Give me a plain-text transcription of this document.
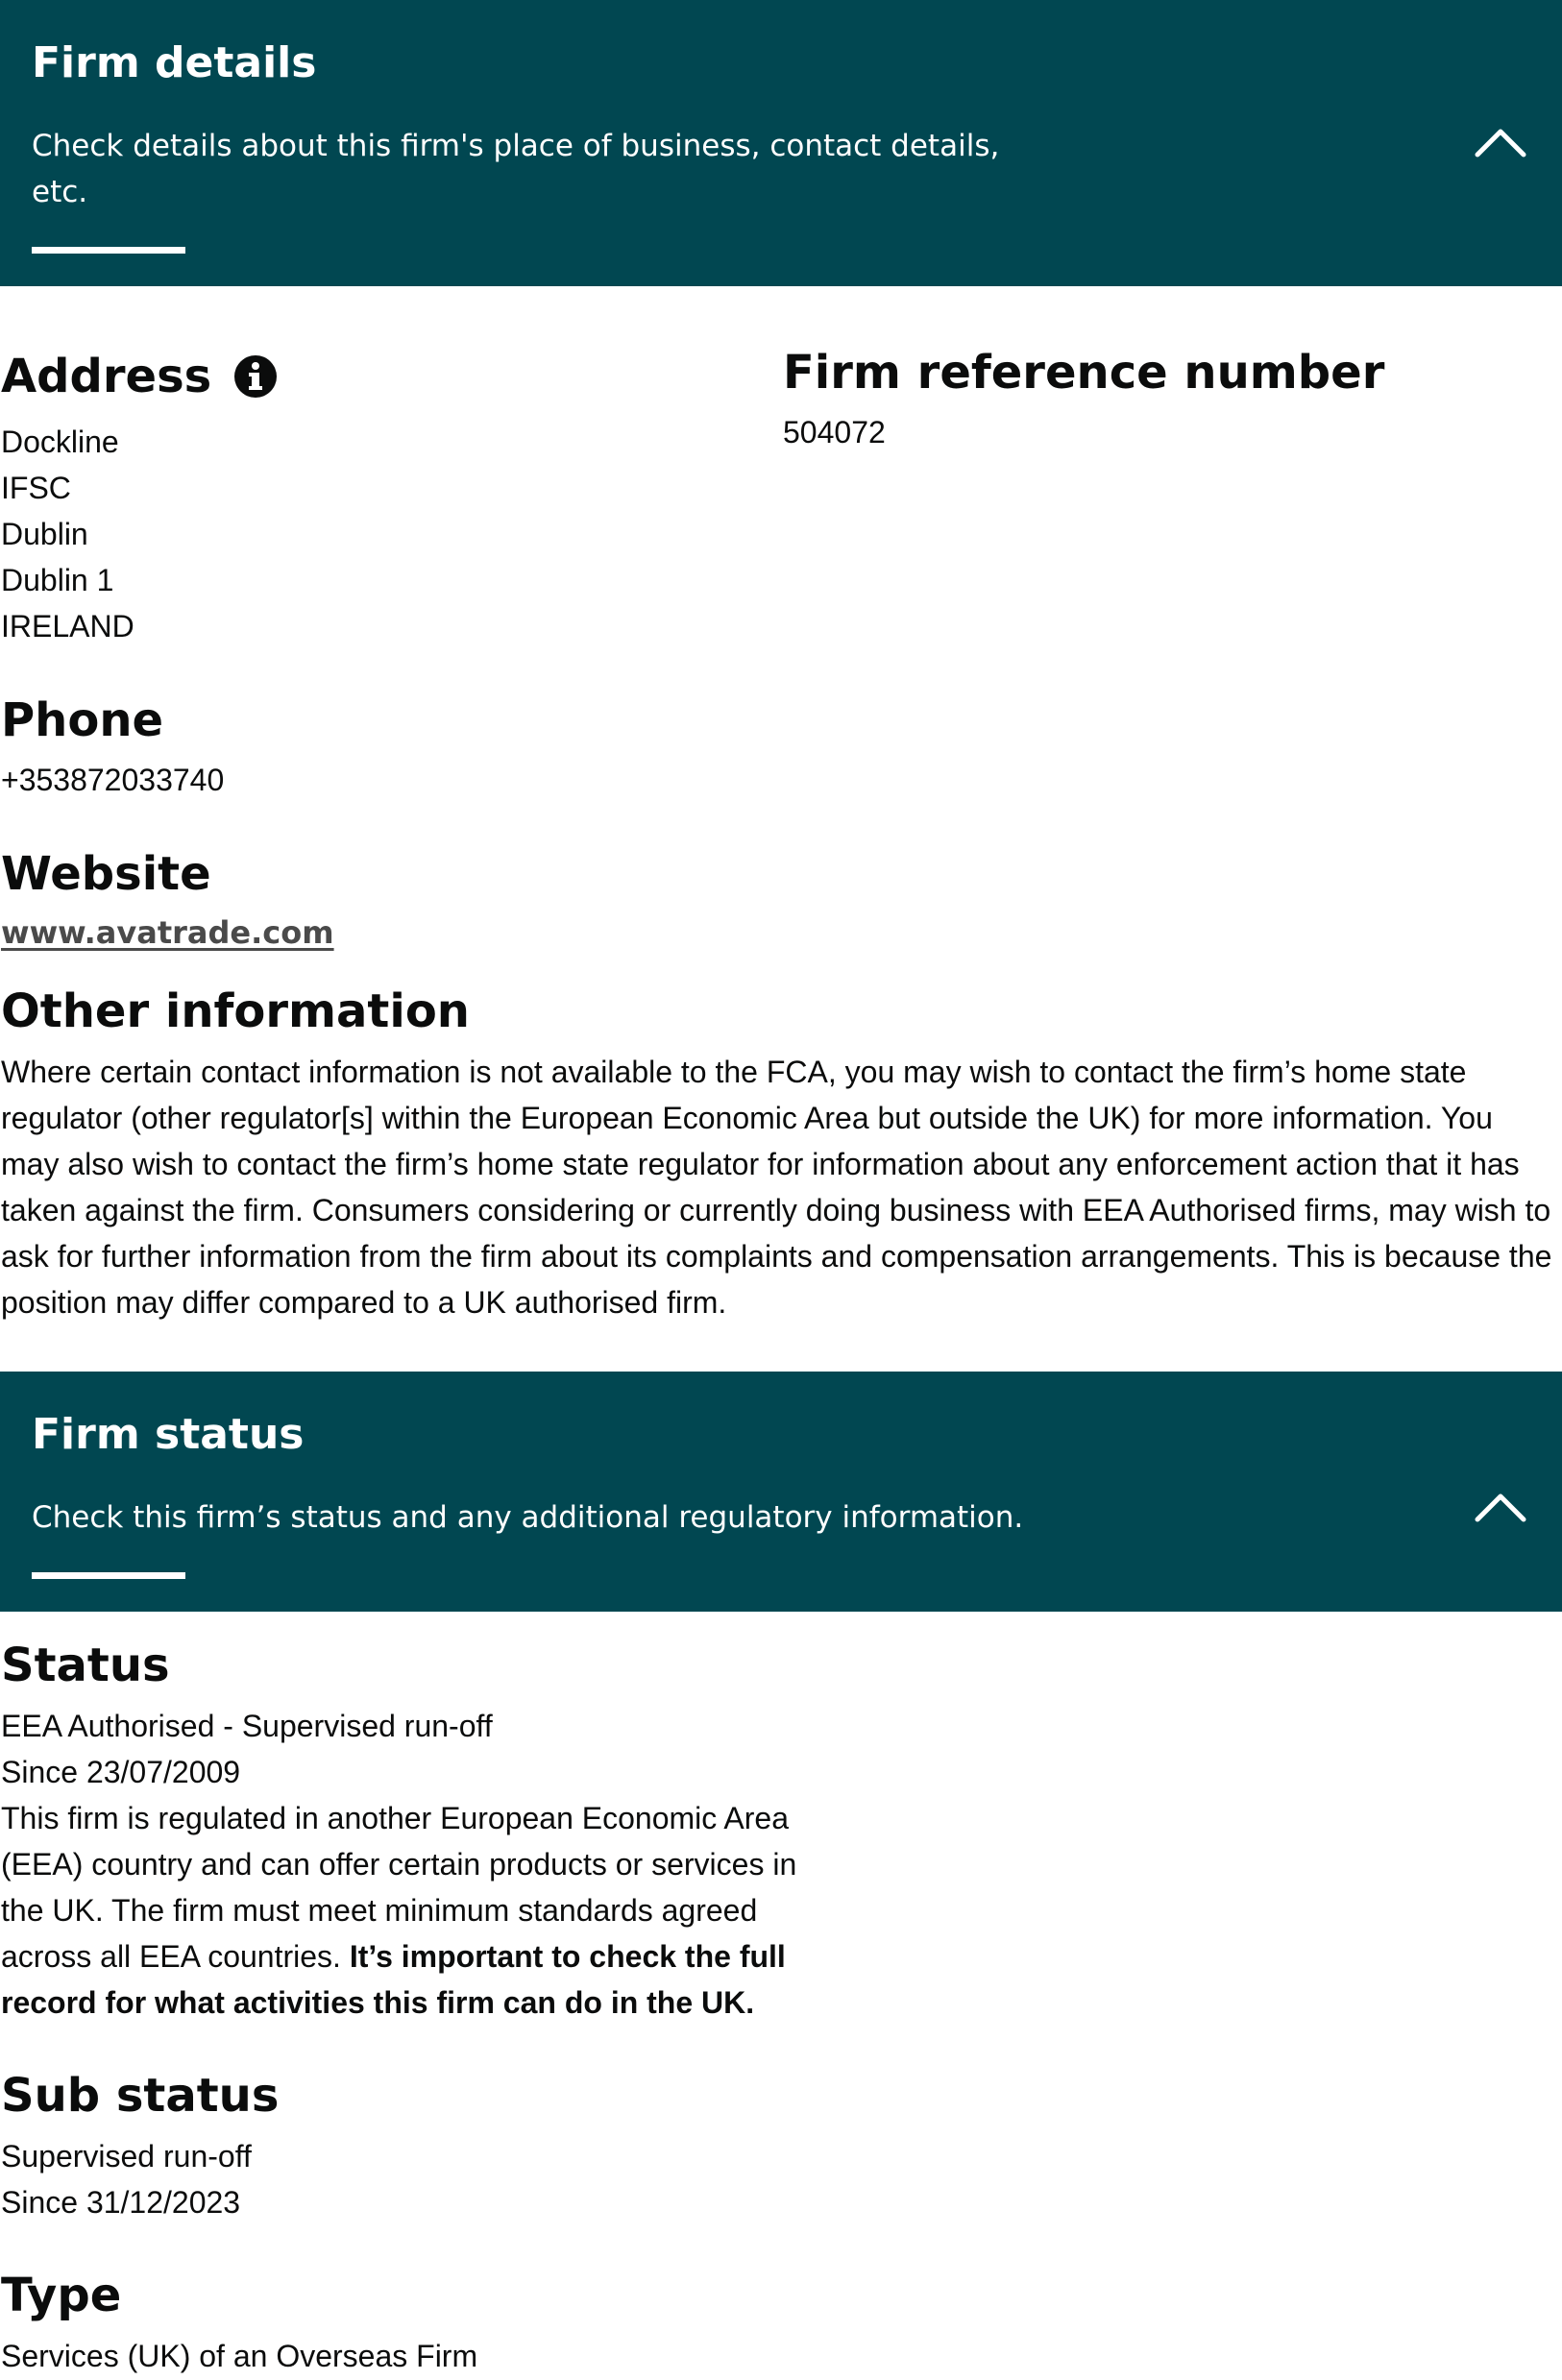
Firm details

Check details about this firm's place of business, contact details,
etc.

Address
Dockline
IFSC
Dublin
Dublin 1
IRELAND
Firm reference number
504072
Phone
+353872033740
Website
www.avatrade.com
Other information

Where certain contact information is not available to the FCA, you may wish to contact the firm’s home state regulator (other regulator[s] within the European Economic Area but outside the UK) for more information. You may also wish to contact the firm’s home state regulator for information about any enforcement action that it has taken against the firm. Consumers considering or currently doing business with EEA Authorised firms, may wish to ask for further information from the firm about its complaints and compensation arrangements. This is because the position may differ compared to a UK authorised firm.

Firm status

Check this firm’s status and any additional regulatory information.

Status
EEA Authorised - Supervised run-off
Since 23/07/2009
This firm is regulated in another European Economic Area
(EEA) country and can offer certain products or services in
the UK. The firm must meet minimum standards agreed
across all EEA countries. It’s important to check the full
record for what activities this firm can do in the UK.
Sub status
Supervised run-off
Since 31/12/2023
Type
Services (UK) of an Overseas Firm
